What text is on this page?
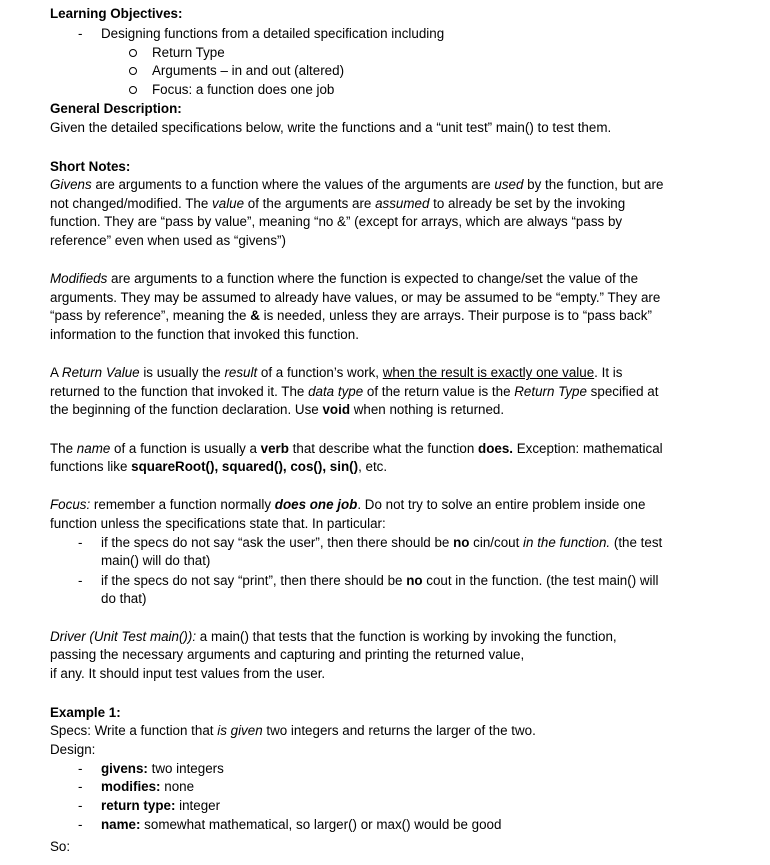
Learning Objectives:
- Designing functions from a detailed specification including
Return Type
Arguments – in and out (altered)
Focus: a function does one job
General Description:
Given the detailed specifications below, write the functions and a “unit test” main() to test them.
Short Notes:
Givens are arguments to a function where the values of the arguments are used by the function, but are
not changed/modified. The value of the arguments are assumed to already be set by the invoking
function. They are “pass by value”, meaning “no &” (except for arrays, which are always “pass by
reference” even when used as “givens”)
Modifieds are arguments to a function where the function is expected to change/set the value of the
arguments. They may be assumed to already have values, or may be assumed to be “empty.” They are
“pass by reference”, meaning the & is needed, unless they are arrays. Their purpose is to “pass back”
information to the function that invoked this function.
A Return Value is usually the result of a function’s work, when the result is exactly one value. It is
returned to the function that invoked it. The data type of the return value is the Return Type specified at
the beginning of the function declaration. Use void when nothing is returned.
The name of a function is usually a verb that describe what the function does. Exception: mathematical
functions like squareRoot(), squared(), cos(), sin(), etc.
Focus: remember a function normally does one job. Do not try to solve an entire problem inside one
function unless the specifications state that. In particular:
- if the specs do not say “ask the user”, then there should be no cin/cout in the function. (the test
main() will do that)
- if the specs do not say “print”, then there should be no cout in the function. (the test main() will
do that)
Driver (Unit Test main()): a main() that tests that the function is working by invoking the function,
passing the necessary arguments and capturing and printing the returned value,
if any. It should input test values from the user.
Example 1:
Specs: Write a function that is given two integers and returns the larger of the two.
Design:
- givens: two integers
- modifies: none
- return type: integer
- name: somewhat mathematical, so larger() or max() would be good
So:
